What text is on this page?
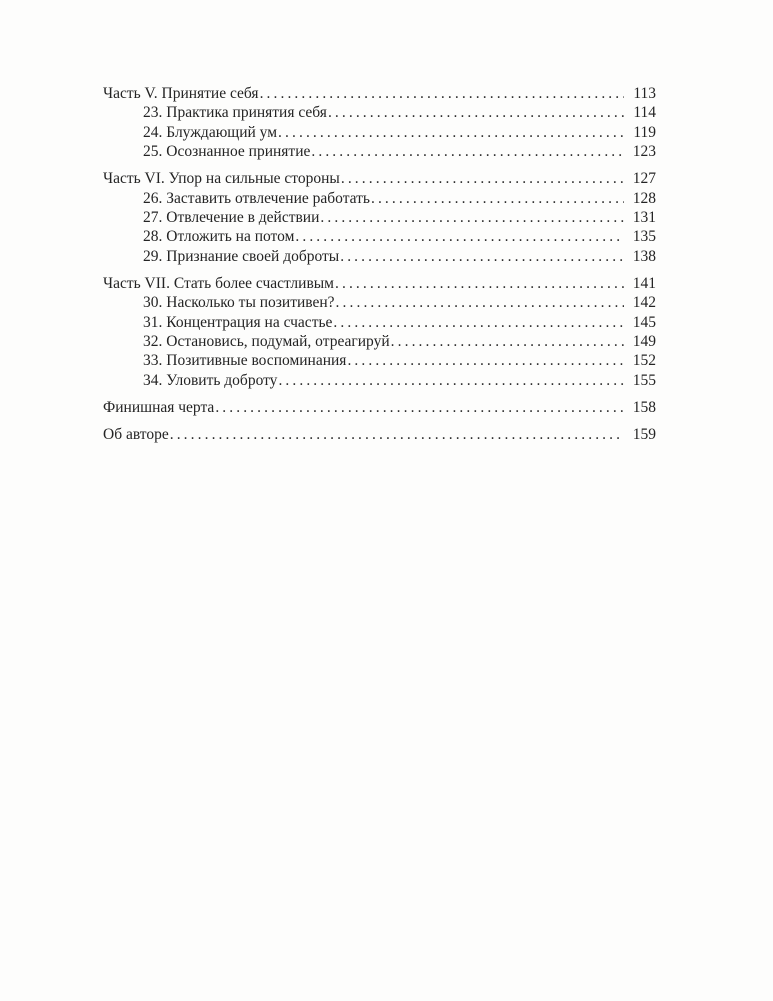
Часть V. Принятие себя .....	113
23. Практика принятия себя .....	114
24. Блуждающий ум .....	119
25. Осознанное принятие .....	123
Часть VI. Упор на сильные стороны .....	127
26. Заставить отвлечение работать .....	128
27. Отвлечение в действии .....	131
28. Отложить на потом .....	135
29. Признание своей доброты .....	138
Часть VII. Стать более счастливым .....	141
30. Насколько ты позитивен? .....	142
31. Концентрация на счастье .....	145
32. Остановись, подумай, отреагируй .....	149
33. Позитивные воспоминания .....	152
34. Уловить доброту .....	155
Финишная черта .....	158
Об авторе .....	159
